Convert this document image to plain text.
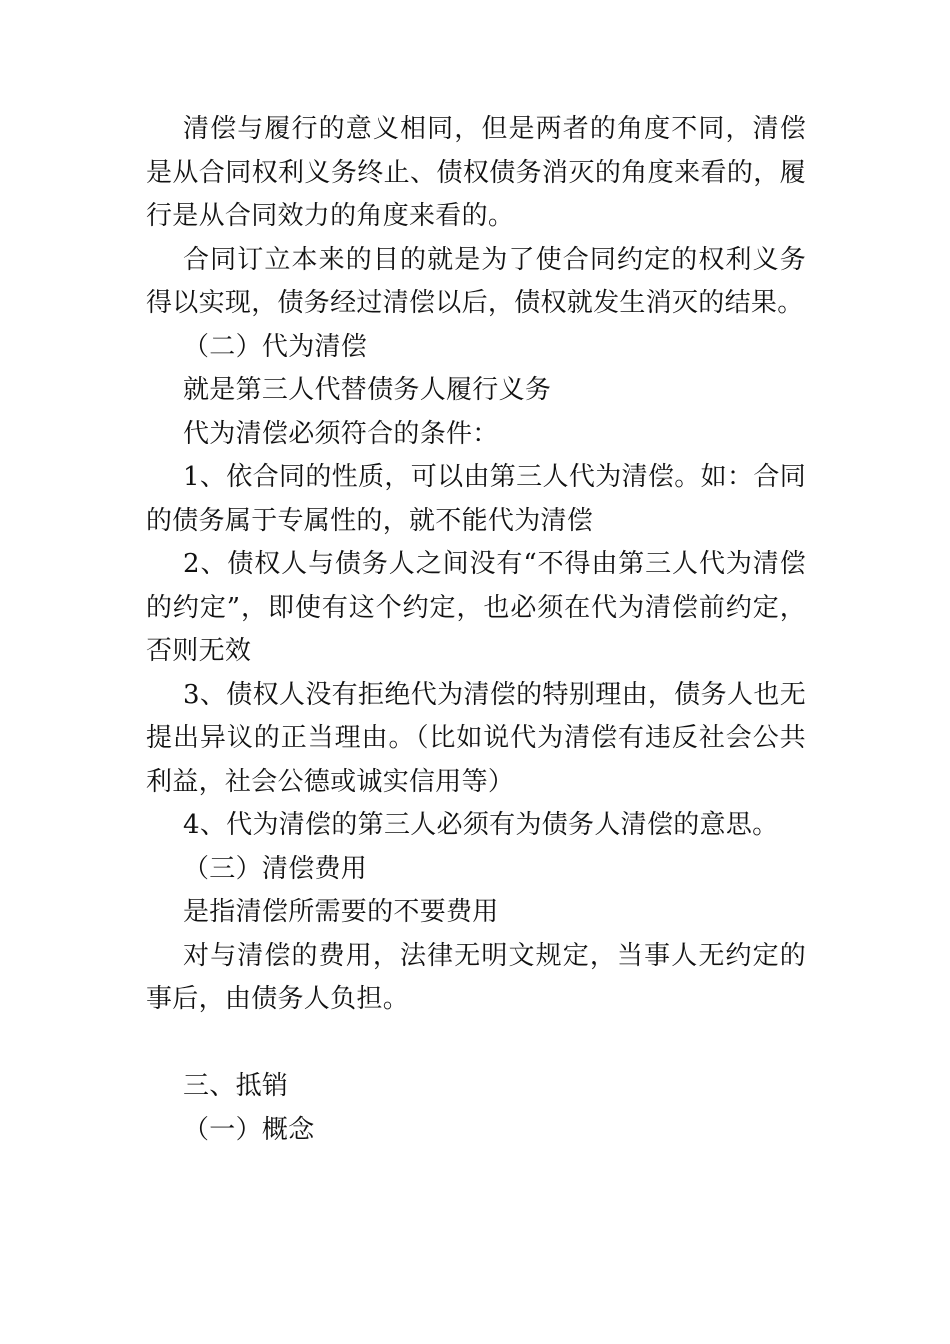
清偿与履行的意义相同，但是两者的角度不同，清偿是从合同权利义务终止、债权债务消灭的角度来看的，履行是从合同效力的角度来看的。

合同订立本来的目的就是为了使合同约定的权利义务得以实现，债务经过清偿以后，债权就发生消灭的结果。

（二）代为清偿

就是第三人代替债务人履行义务

代为清偿必须符合的条件：

1、依合同的性质，可以由第三人代为清偿。如：合同的债务属于专属性的，就不能代为清偿

2、债权人与债务人之间没有“不得由第三人代为清偿的约定”，即使有这个约定，也必须在代为清偿前约定，否则无效

3、债权人没有拒绝代为清偿的特别理由，债务人也无提出异议的正当理由。（比如说代为清偿有违反社会公共利益，社会公德或诚实信用等）

4、代为清偿的第三人必须有为债务人清偿的意思。

（三）清偿费用

是指清偿所需要的不要费用

对与清偿的费用，法律无明文规定，当事人无约定的事后，由债务人负担。

三、抵销

（一）概念
